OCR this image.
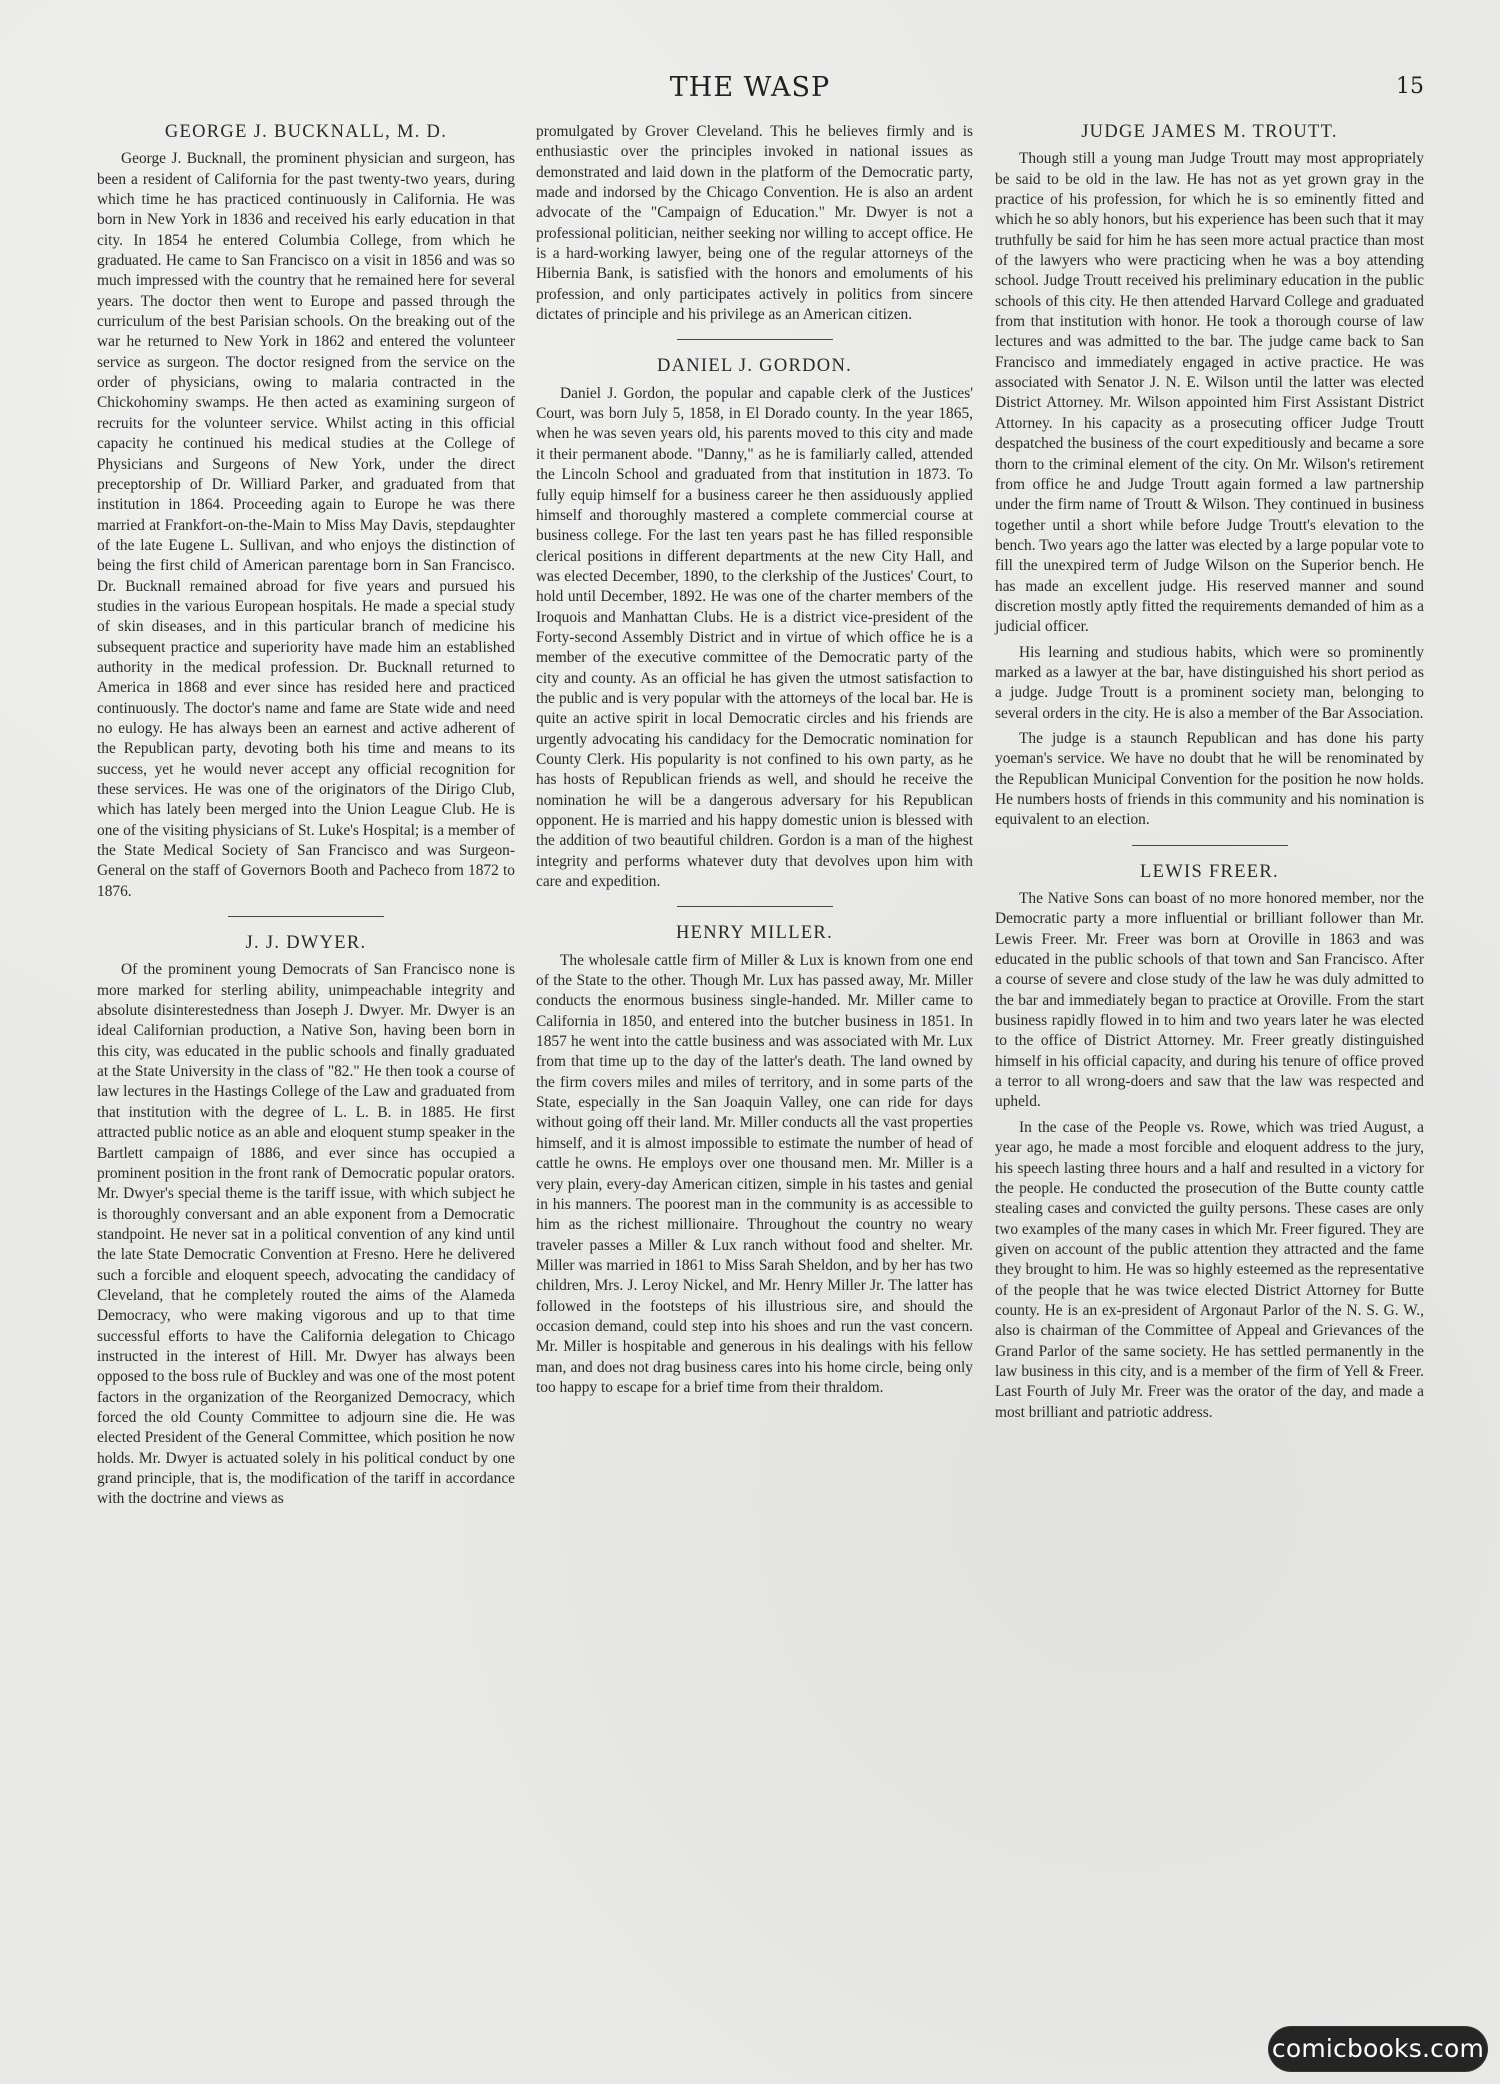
THE WASP	15
GEORGE J. BUCKNALL, M. D.

George J. Bucknall, the prominent physician and surgeon, has been a resident of California for the past twenty-two years, during which time he has practiced continuously in California. He was born in New York in 1836 and received his early education in that city. In 1854 he entered Columbia College, from which he graduated. He came to San Francisco on a visit in 1856 and was so much impressed with the country that he remained here for several years. The doctor then went to Europe and passed through the curriculum of the best Parisian schools. On the breaking out of the war he returned to New York in 1862 and entered the volunteer service as surgeon. The doctor resigned from the service on the order of physicians, owing to malaria contracted in the Chickohominy swamps. He then acted as examining surgeon of recruits for the volunteer service. Whilst acting in this official capacity he continued his medical studies at the College of Physicians and Surgeons of New York, under the direct preceptorship of Dr. Williard Parker, and graduated from that institution in 1864. Proceeding again to Europe he was there married at Frankfort-on-the-Main to Miss May Davis, stepdaughter of the late Eugene L. Sullivan, and who enjoys the distinction of being the first child of American parentage born in San Francisco. Dr. Bucknall remained abroad for five years and pursued his studies in the various European hospitals. He made a special study of skin diseases, and in this particular branch of medicine his subsequent practice and superiority have made him an established authority in the medical profession. Dr. Bucknall returned to America in 1868 and ever since has resided here and practiced continuously. The doctor's name and fame are State wide and need no eulogy. He has always been an earnest and active adherent of the Republican party, devoting both his time and means to its success, yet he would never accept any official recognition for these services. He was one of the originators of the Dirigo Club, which has lately been merged into the Union League Club. He is one of the visiting physicians of St. Luke's Hospital; is a member of the State Medical Society of San Francisco and was Surgeon-General on the staff of Governors Booth and Pacheco from 1872 to 1876.

J. J. DWYER.

Of the prominent young Democrats of San Francisco none is more marked for sterling ability, unimpeachable integrity and absolute disinterestedness than Joseph J. Dwyer. Mr. Dwyer is an ideal Californian production, a Native Son, having been born in this city, was educated in the public schools and finally graduated at the State University in the class of "82." He then took a course of law lectures in the Hastings College of the Law and graduated from that institution with the degree of L. L. B. in 1885. He first attracted public notice as an able and eloquent stump speaker in the Bartlett campaign of 1886, and ever since has occupied a prominent position in the front rank of Democratic popular orators. Mr. Dwyer's special theme is the tariff issue, with which subject he is thoroughly conversant and an able exponent from a Democratic standpoint. He never sat in a political convention of any kind until the late State Democratic Convention at Fresno. Here he delivered such a forcible and eloquent speech, advocating the candidacy of Cleveland, that he completely routed the aims of the Alameda Democracy, who were making vigorous and up to that time successful efforts to have the California delegation to Chicago instructed in the interest of Hill. Mr. Dwyer has always been opposed to the boss rule of Buckley and was one of the most potent factors in the organization of the Reorganized Democracy, which forced the old County Committee to adjourn sine die. He was elected President of the General Committee, which position he now holds. Mr. Dwyer is actuated solely in his political conduct by one grand principle, that is, the modification of the tariff in accordance with the doctrine and views as

promulgated by Grover Cleveland. This he believes firmly and is enthusiastic over the principles invoked in national issues as demonstrated and laid down in the platform of the Democratic party, made and indorsed by the Chicago Convention. He is also an ardent advocate of the "Campaign of Education." Mr. Dwyer is not a professional politician, neither seeking nor willing to accept office. He is a hard-working lawyer, being one of the regular attorneys of the Hibernia Bank, is satisfied with the honors and emoluments of his profession, and only participates actively in politics from sincere dictates of principle and his privilege as an American citizen.

DANIEL J. GORDON.

Daniel J. Gordon, the popular and capable clerk of the Justices' Court, was born July 5, 1858, in El Dorado county. In the year 1865, when he was seven years old, his parents moved to this city and made it their permanent abode. "Danny," as he is familiarly called, attended the Lincoln School and graduated from that institution in 1873. To fully equip himself for a business career he then assiduously applied himself and thoroughly mastered a complete commercial course at business college. For the last ten years past he has filled responsible clerical positions in different departments at the new City Hall, and was elected December, 1890, to the clerkship of the Justices' Court, to hold until December, 1892. He was one of the charter members of the Iroquois and Manhattan Clubs. He is a district vice-president of the Forty-second Assembly District and in virtue of which office he is a member of the executive committee of the Democratic party of the city and county. As an official he has given the utmost satisfaction to the public and is very popular with the attorneys of the local bar. He is quite an active spirit in local Democratic circles and his friends are urgently advocating his candidacy for the Democratic nomination for County Clerk. His popularity is not confined to his own party, as he has hosts of Republican friends as well, and should he receive the nomination he will be a dangerous adversary for his Republican opponent. He is married and his happy domestic union is blessed with the addition of two beautiful children. Gordon is a man of the highest integrity and performs whatever duty that devolves upon him with care and expedition.

HENRY MILLER.

The wholesale cattle firm of Miller & Lux is known from one end of the State to the other. Though Mr. Lux has passed away, Mr. Miller conducts the enormous business single-handed. Mr. Miller came to California in 1850, and entered into the butcher business in 1851. In 1857 he went into the cattle business and was associated with Mr. Lux from that time up to the day of the latter's death. The land owned by the firm covers miles and miles of territory, and in some parts of the State, especially in the San Joaquin Valley, one can ride for days without going off their land. Mr. Miller conducts all the vast properties himself, and it is almost impossible to estimate the number of head of cattle he owns. He employs over one thousand men. Mr. Miller is a very plain, every-day American citizen, simple in his tastes and genial in his manners. The poorest man in the community is as accessible to him as the richest millionaire. Throughout the country no weary traveler passes a Miller & Lux ranch without food and shelter. Mr. Miller was married in 1861 to Miss Sarah Sheldon, and by her has two children, Mrs. J. Leroy Nickel, and Mr. Henry Miller Jr. The latter has followed in the footsteps of his illustrious sire, and should the occasion demand, could step into his shoes and run the vast concern. Mr. Miller is hospitable and generous in his dealings with his fellow man, and does not drag business cares into his home circle, being only too happy to escape for a brief time from their thraldom.

JUDGE JAMES M. TROUTT.

Though still a young man Judge Troutt may most appropriately be said to be old in the law. He has not as yet grown gray in the practice of his profession, for which he is so eminently fitted and which he so ably honors, but his experience has been such that it may truthfully be said for him he has seen more actual practice than most of the lawyers who were practicing when he was a boy attending school. Judge Troutt received his preliminary education in the public schools of this city. He then attended Harvard College and graduated from that institution with honor. He took a thorough course of law lectures and was admitted to the bar. The judge came back to San Francisco and immediately engaged in active practice. He was associated with Senator J. N. E. Wilson until the latter was elected District Attorney. Mr. Wilson appointed him First Assistant District Attorney. In his capacity as a prosecuting officer Judge Troutt despatched the business of the court expeditiously and became a sore thorn to the criminal element of the city. On Mr. Wilson's retirement from office he and Judge Troutt again formed a law partnership under the firm name of Troutt & Wilson. They continued in business together until a short while before Judge Troutt's elevation to the bench. Two years ago the latter was elected by a large popular vote to fill the unexpired term of Judge Wilson on the Superior bench. He has made an excellent judge. His reserved manner and sound discretion mostly aptly fitted the requirements demanded of him as a judicial officer.

His learning and studious habits, which were so prominently marked as a lawyer at the bar, have distinguished his short period as a judge. Judge Troutt is a prominent society man, belonging to several orders in the city. He is also a member of the Bar Association.

The judge is a staunch Republican and has done his party yoeman's service. We have no doubt that he will be renominated by the Republican Municipal Convention for the position he now holds. He numbers hosts of friends in this community and his nomination is equivalent to an election.

LEWIS FREER.

The Native Sons can boast of no more honored member, nor the Democratic party a more influential or brilliant follower than Mr. Lewis Freer. Mr. Freer was born at Oroville in 1863 and was educated in the public schools of that town and San Francisco. After a course of severe and close study of the law he was duly admitted to the bar and immediately began to practice at Oroville. From the start business rapidly flowed in to him and two years later he was elected to the office of District Attorney. Mr. Freer greatly distinguished himself in his official capacity, and during his tenure of office proved a terror to all wrong-doers and saw that the law was respected and upheld.

In the case of the People vs. Rowe, which was tried August, a year ago, he made a most forcible and eloquent address to the jury, his speech lasting three hours and a half and resulted in a victory for the people. He conducted the prosecution of the Butte county cattle stealing cases and convicted the guilty persons. These cases are only two examples of the many cases in which Mr. Freer figured. They are given on account of the public attention they attracted and the fame they brought to him. He was so highly esteemed as the representative of the people that he was twice elected District Attorney for Butte county. He is an ex-president of Argonaut Parlor of the N. S. G. W., also is chairman of the Committee of Appeal and Grievances of the Grand Parlor of the same society. He has settled permanently in the law business in this city, and is a member of the firm of Yell & Freer. Last Fourth of July Mr. Freer was the orator of the day, and made a most brilliant and patriotic address.

comicbooks.com
